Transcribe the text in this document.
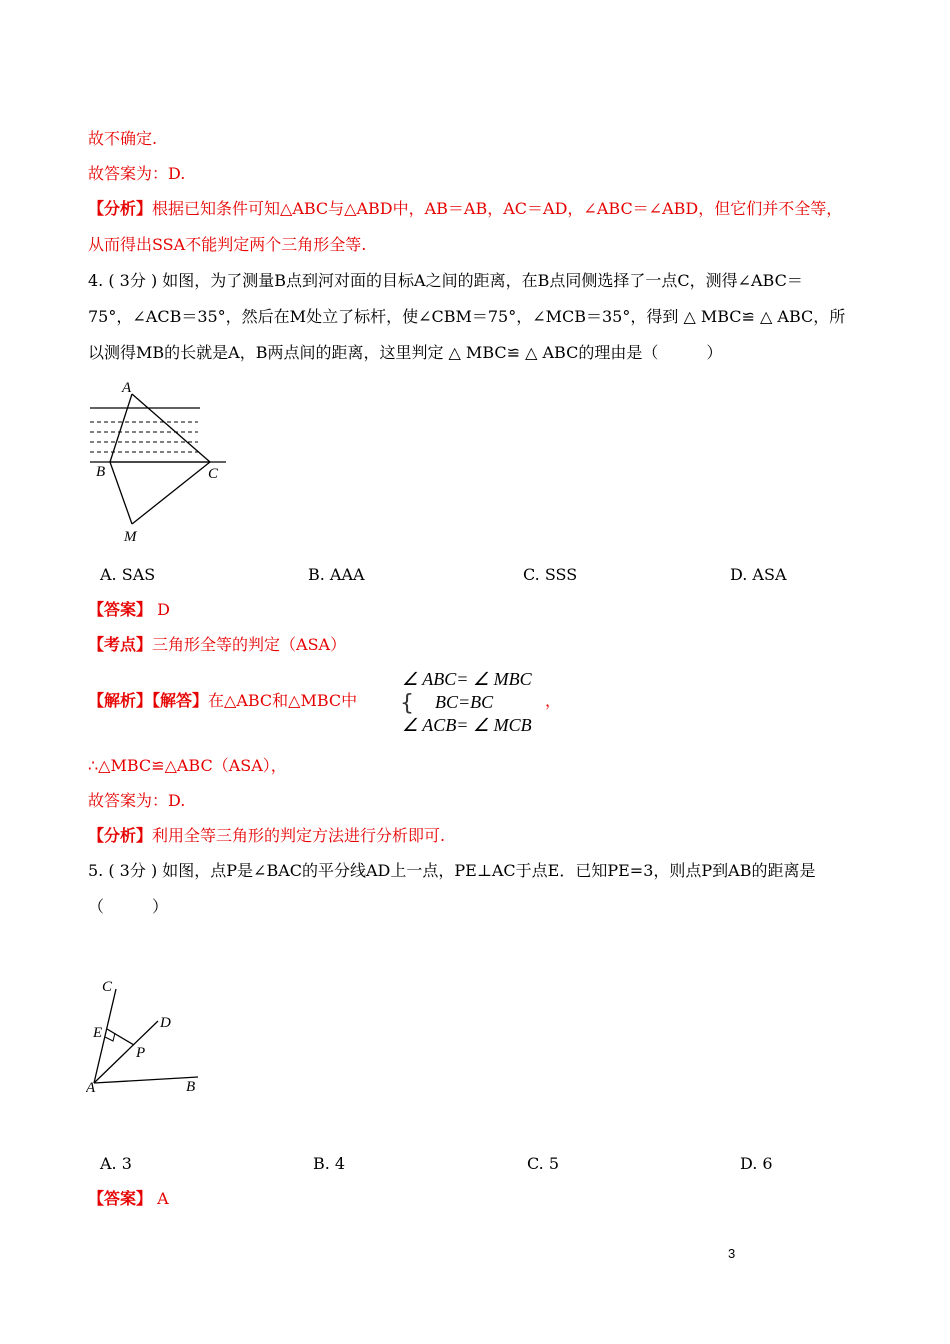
故不确定.
故答案为：D.
【分析】根据已知条件可知△ABC与△ABD中，AB＝AB，AC＝AD，∠ABC＝∠ABD，但它们并不全等，
从而得出SSA不能判定两个三角形全等.
4. ( 3分 ) 如图，为了测量B点到河对面的目标A之间的距离，在B点同侧选择了一点C，测得∠ABC＝
75°，∠ACB＝35°，然后在M处立了标杆，使∠CBM＝75°，∠MCB＝35°，得到 △ MBC≌ △ ABC，所
以测得MB的长就是A，B两点间的距离，这里判定 △ MBC≌ △ ABC的理由是（　　　）
A
B	C
M
A. SAS	B. AAA	C. SSS	D. ASA
【答案】 D
【考点】三角形全等的判定（ASA）
【解析】【解答】在△ABC和△MBC中 {
∠ ABC= ∠ MBC
BC=BC
∠ ACB= ∠ MCB
，
∴△MBC≌△ABC（ASA），
故答案为：D.
【分析】利用全等三角形的判定方法进行分析即可.
5. ( 3分 ) 如图，点P是∠BAC的平分线AD上一点，PE⊥AC于点E．已知PE=3，则点P到AB的距离是
（　　　）
C
D
E
P
A	B
A. 3	B. 4	C. 5	D. 6
【答案】 A
3
